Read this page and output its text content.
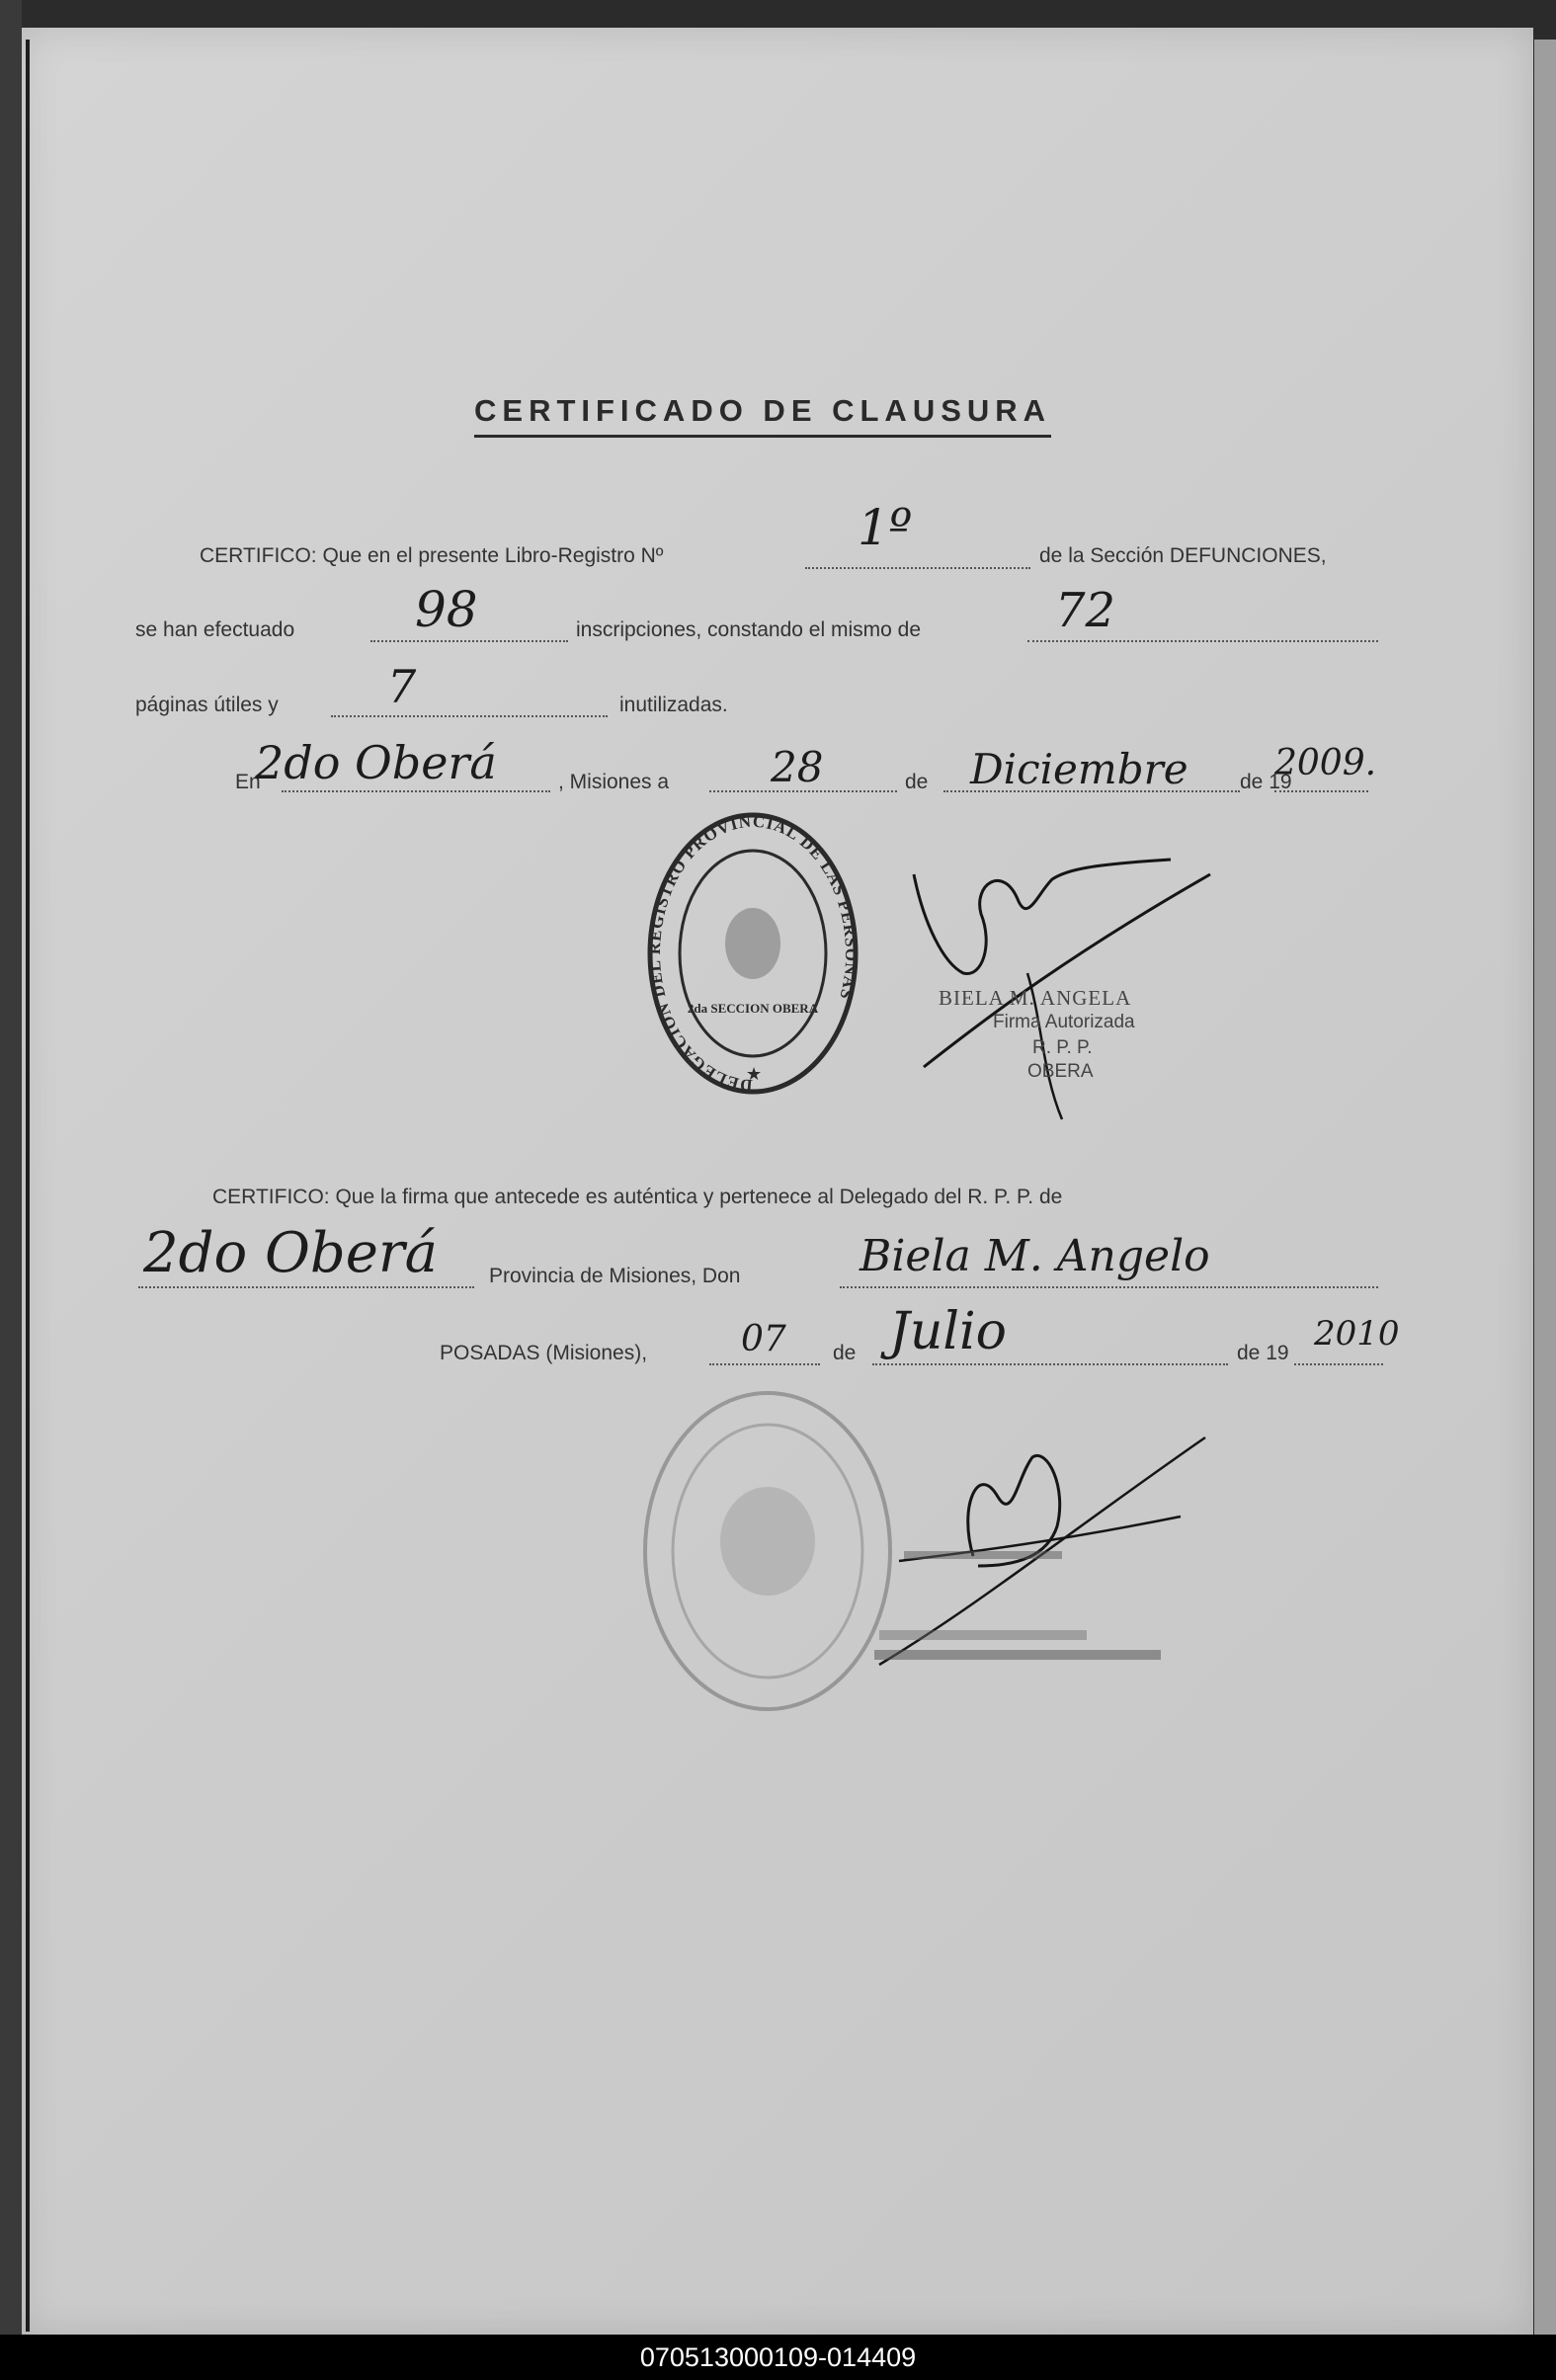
CERTIFICADO DE CLAUSURA
CERTIFICO: Que en el presente Libro-Registro Nº	1º	de la Sección DEFUNCIONES,
se han efectuado 98	inscripciones, constando el mismo de	72
páginas útiles y 7	inutilizadas.
En
2do Oberá	, Misiones a 28	de Diciembre de 19
2009.
DELEGACION DEL REGISTRO PROVINCIAL DE LAS PERSONAS
2da SECCION OBERA
★
BIELA M. ANGELA
Firma Autorizada
R. P. P.
OBERA
CERTIFICO: Que la firma que antecede es auténtica y pertenece al Delegado del R. P. P. de
2do Oberá Provincia de Misiones, Don	Biela M. Angelo
POSADAS (Misiones),	07 de Julio	de 19 2010
070513000109-014409
